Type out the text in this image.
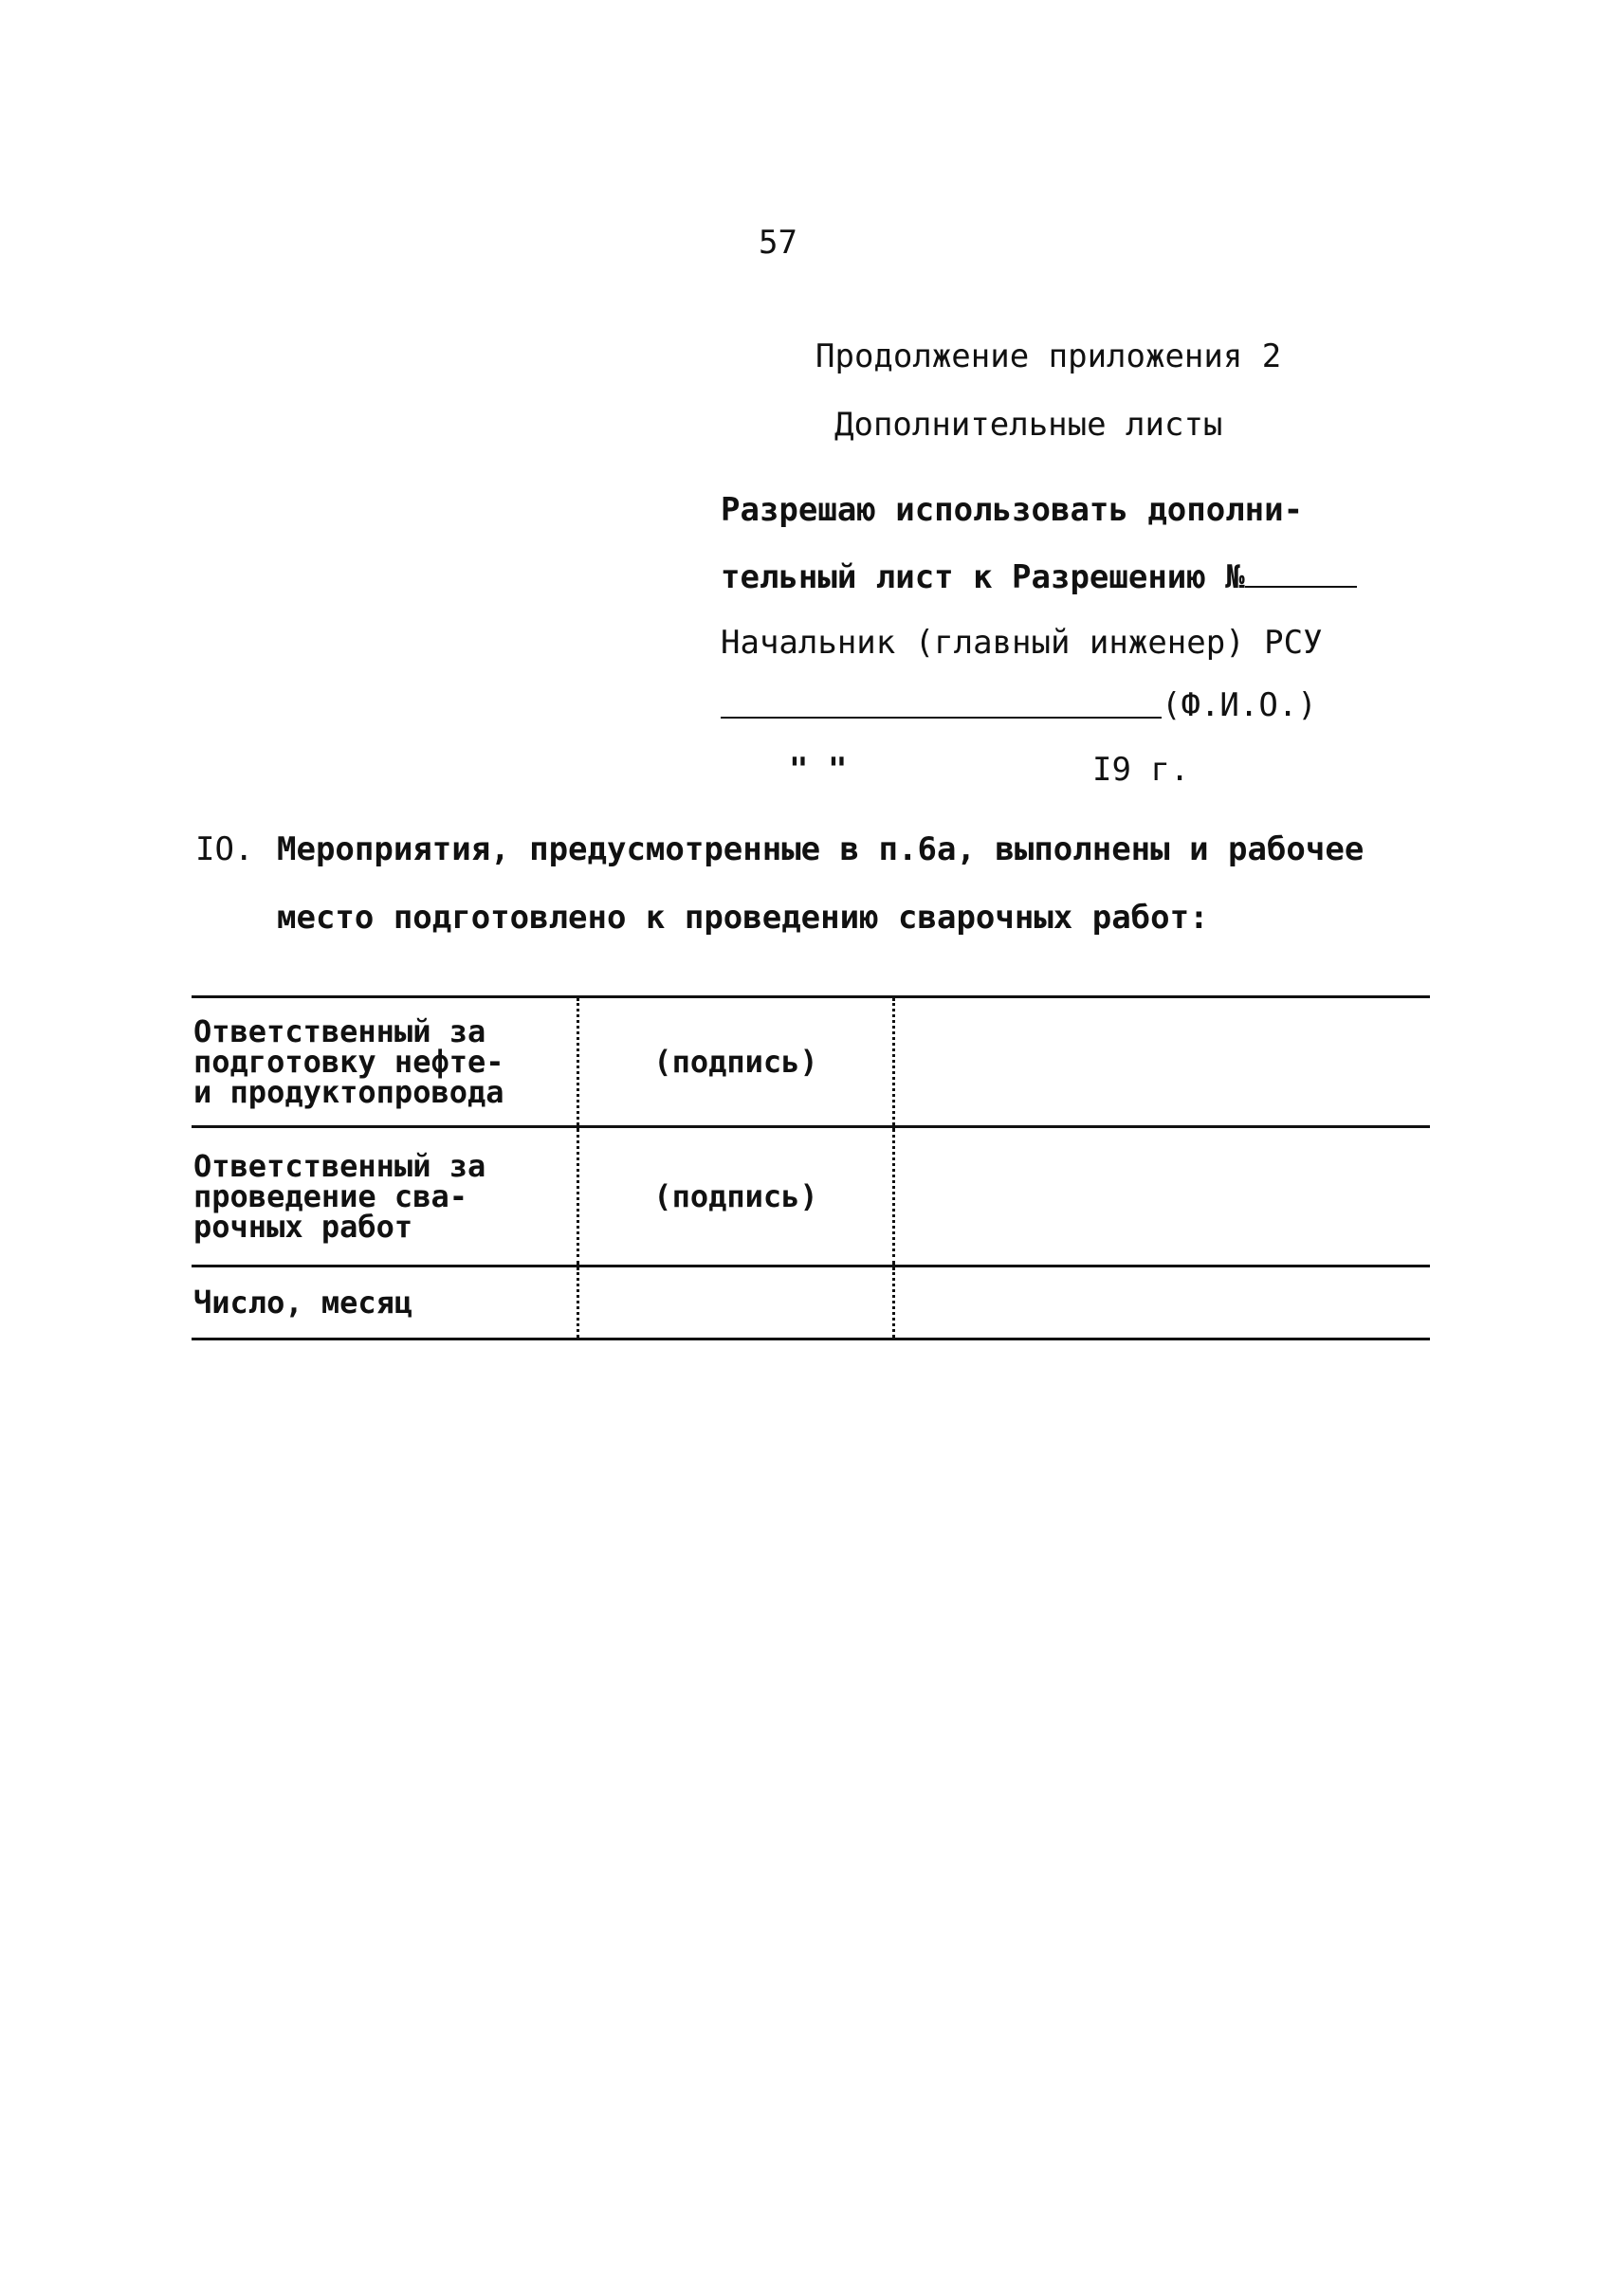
57
Продолжение приложения 2
Дополнительные листы
Разрешаю использовать дополни-
тельный лист к Разрешению №
Начальник (главный инженер) РСУ
(Ф.И.О.)
" "	I9 г.
IO. Мероприятия, предусмотренные в п.6а, выполнены и рабочее
место подготовлено к проведению сварочных работ:
Ответственный за
подготовку нефте-
и продуктопровода	(подпись)	

Ответственный за
проведение сва-
рочных работ	(подпись)	

Число, месяц		
